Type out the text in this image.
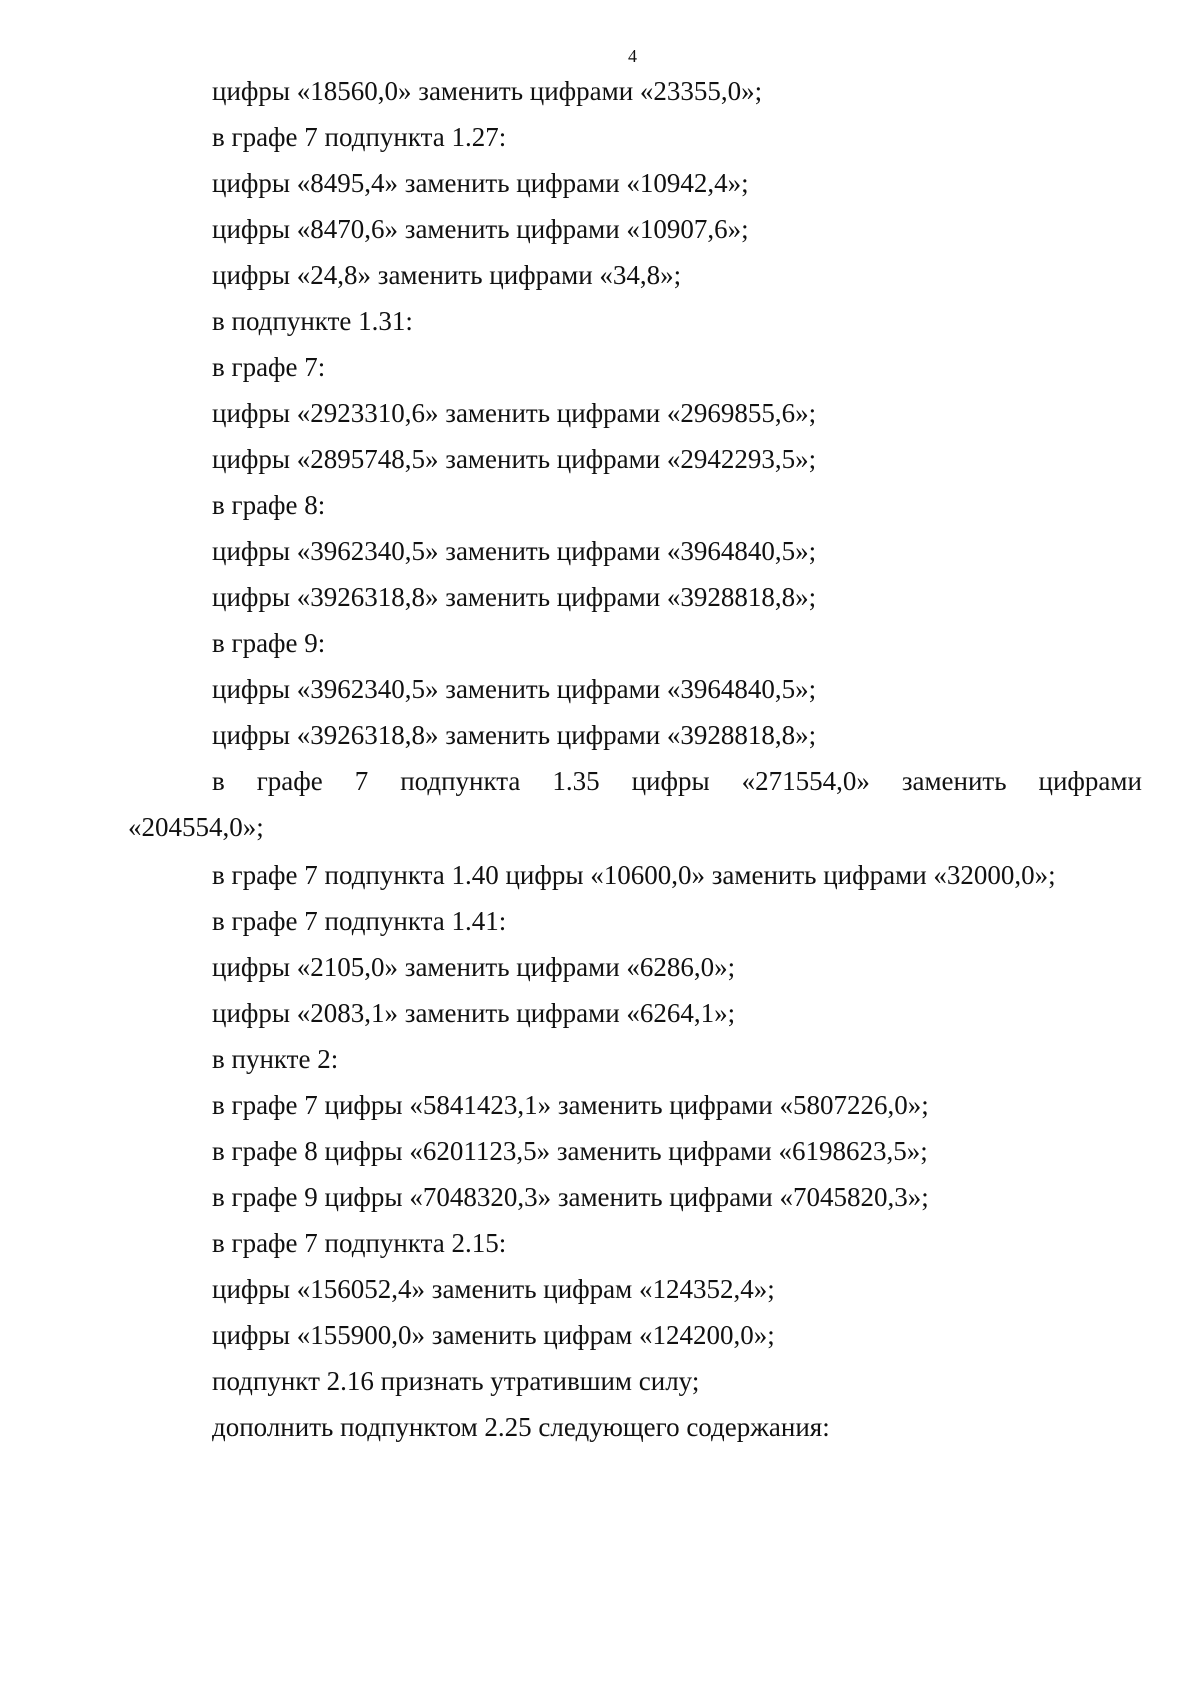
4
цифры «18560,0» заменить цифрами «23355,0»;
в графе 7 подпункта 1.27:
цифры «8495,4» заменить цифрами «10942,4»;
цифры «8470,6» заменить цифрами «10907,6»;
цифры «24,8» заменить цифрами «34,8»;
в подпункте 1.31:
в графе 7:
цифры «2923310,6» заменить цифрами «2969855,6»;
цифры «2895748,5» заменить цифрами «2942293,5»;
в графе 8:
цифры «3962340,5» заменить цифрами «3964840,5»;
цифры «3926318,8» заменить цифрами «3928818,8»;
в графе 9:
цифры «3962340,5» заменить цифрами «3964840,5»;
цифры «3926318,8» заменить цифрами «3928818,8»;
в графе 7 подпункта 1.35 цифры «271554,0» заменить цифрами
«204554,0»;
в графе 7 подпункта 1.40 цифры «10600,0» заменить цифрами «32000,0»;
в графе 7 подпункта 1.41:
цифры «2105,0» заменить цифрами «6286,0»;
цифры «2083,1» заменить цифрами «6264,1»;
в пункте 2:
в графе 7 цифры «5841423,1» заменить цифрами «5807226,0»;
в графе 8 цифры «6201123,5» заменить цифрами «6198623,5»;
в графе 9 цифры «7048320,3» заменить цифрами «7045820,3»;
в графе 7 подпункта 2.15:
цифры «156052,4» заменить цифрам «124352,4»;
цифры «155900,0» заменить цифрам «124200,0»;
подпункт 2.16 признать утратившим силу;
дополнить подпунктом 2.25 следующего содержания:
